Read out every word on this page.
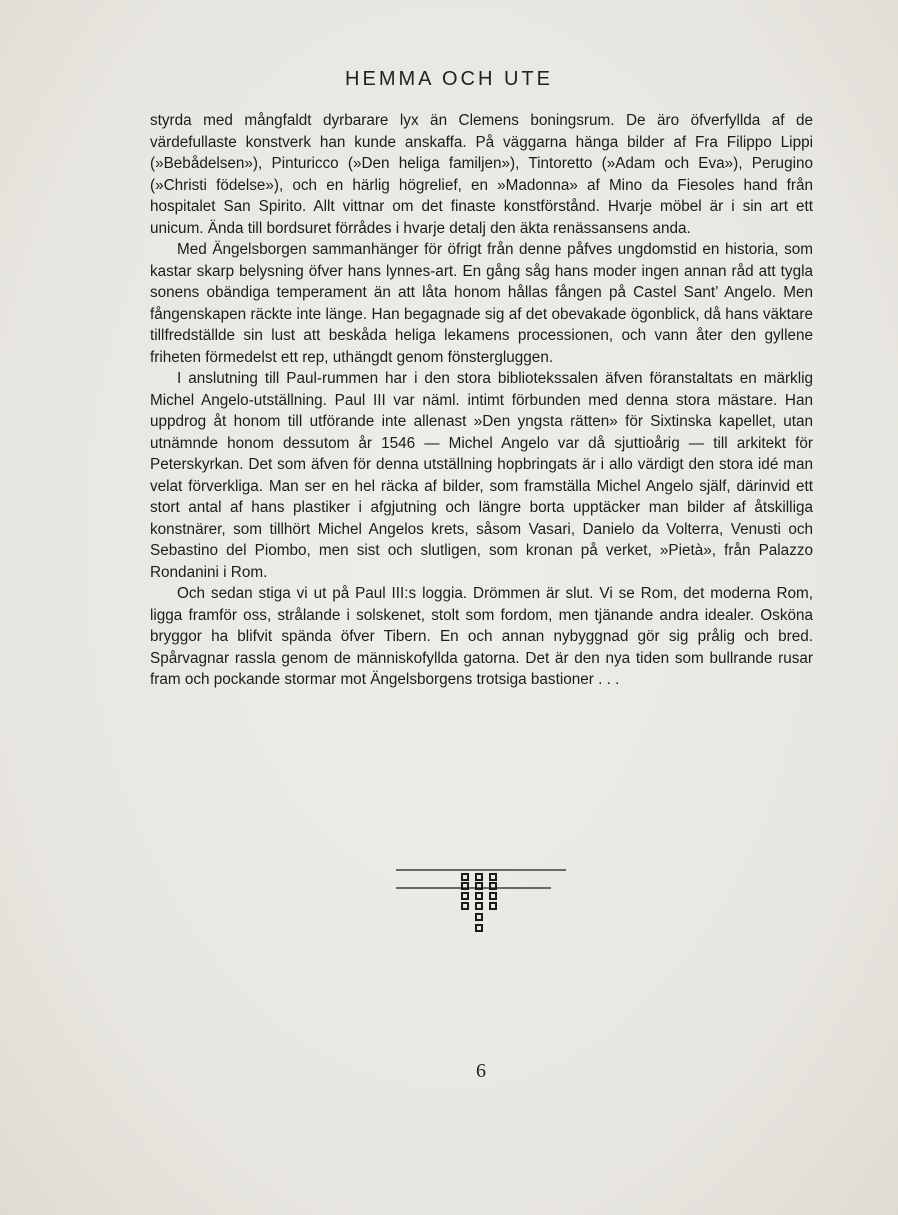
HEMMA OCH UTE

styrda med mångfaldt dyrbarare lyx än Clemens boningsrum. De äro öfverfyllda af de värdefullaste konstverk han kunde anskaffa. På väggarna hänga bilder af Fra Filippo Lippi (»Bebådelsen»), Pinturicco (»Den heliga familjen»), Tintoretto (»Adam och Eva»), Perugino (»Christi födelse»), och en härlig högrelief, en »Madonna» af Mino da Fiesoles hand från hospitalet San Spirito. Allt vittnar om det finaste konstförstånd. Hvarje möbel är i sin art ett unicum. Ända till bordsuret förrådes i hvarje detalj den äkta renässansens anda.

Med Ängelsborgen sammanhänger för öfrigt från denne påfves ungdomstid en historia, som kastar skarp belysning öfver hans lynnes-art. En gång såg hans moder ingen annan råd att tygla sonens obändiga temperament än att låta honom hållas fången på Castel Sant’ Angelo. Men fångenskapen räckte inte länge. Han begagnade sig af det obevakade ögonblick, då hans väktare tillfredställde sin lust att beskåda heliga lekamens processionen, och vann åter den gyllene friheten förmedelst ett rep, uthängdt genom fönstergluggen.

I anslutning till Paul-rummen har i den stora bibliotekssalen äfven föranstaltats en märklig Michel Angelo-utställning. Paul III var näml. intimt förbunden med denna stora mästare. Han uppdrog åt honom till utförande inte allenast »Den yngsta rätten» för Sixtinska kapellet, utan utnämnde honom dessutom år 1546 — Michel Angelo var då sjuttioårig — till arkitekt för Peterskyrkan. Det som äfven för denna utställning hopbringats är i allo värdigt den stora idé man velat förverkliga. Man ser en hel räcka af bilder, som framställa Michel Angelo själf, därinvid ett stort antal af hans plastiker i afgjutning och längre borta upptäcker man bilder af åtskilliga konstnärer, som tillhört Michel Angelos krets, såsom Vasari, Danielo da Volterra, Venusti och Sebastino del Piombo, men sist och slutligen, som kronan på verket, »Pietà», från Palazzo Rondanini i Rom.

Och sedan stiga vi ut på Paul III:s loggia. Drömmen är slut. Vi se Rom, det moderna Rom, ligga framför oss, strålande i solskenet, stolt som fordom, men tjänande andra idealer. Osköna bryggor ha blifvit spända öfver Tibern. En och annan nybyggnad gör sig prålig och bred. Spårvagnar rassla genom de människofyllda gatorna. Det är den nya tiden som bullrande rusar fram och pockande stormar mot Ängelsborgens trotsiga bastioner . . .

6
